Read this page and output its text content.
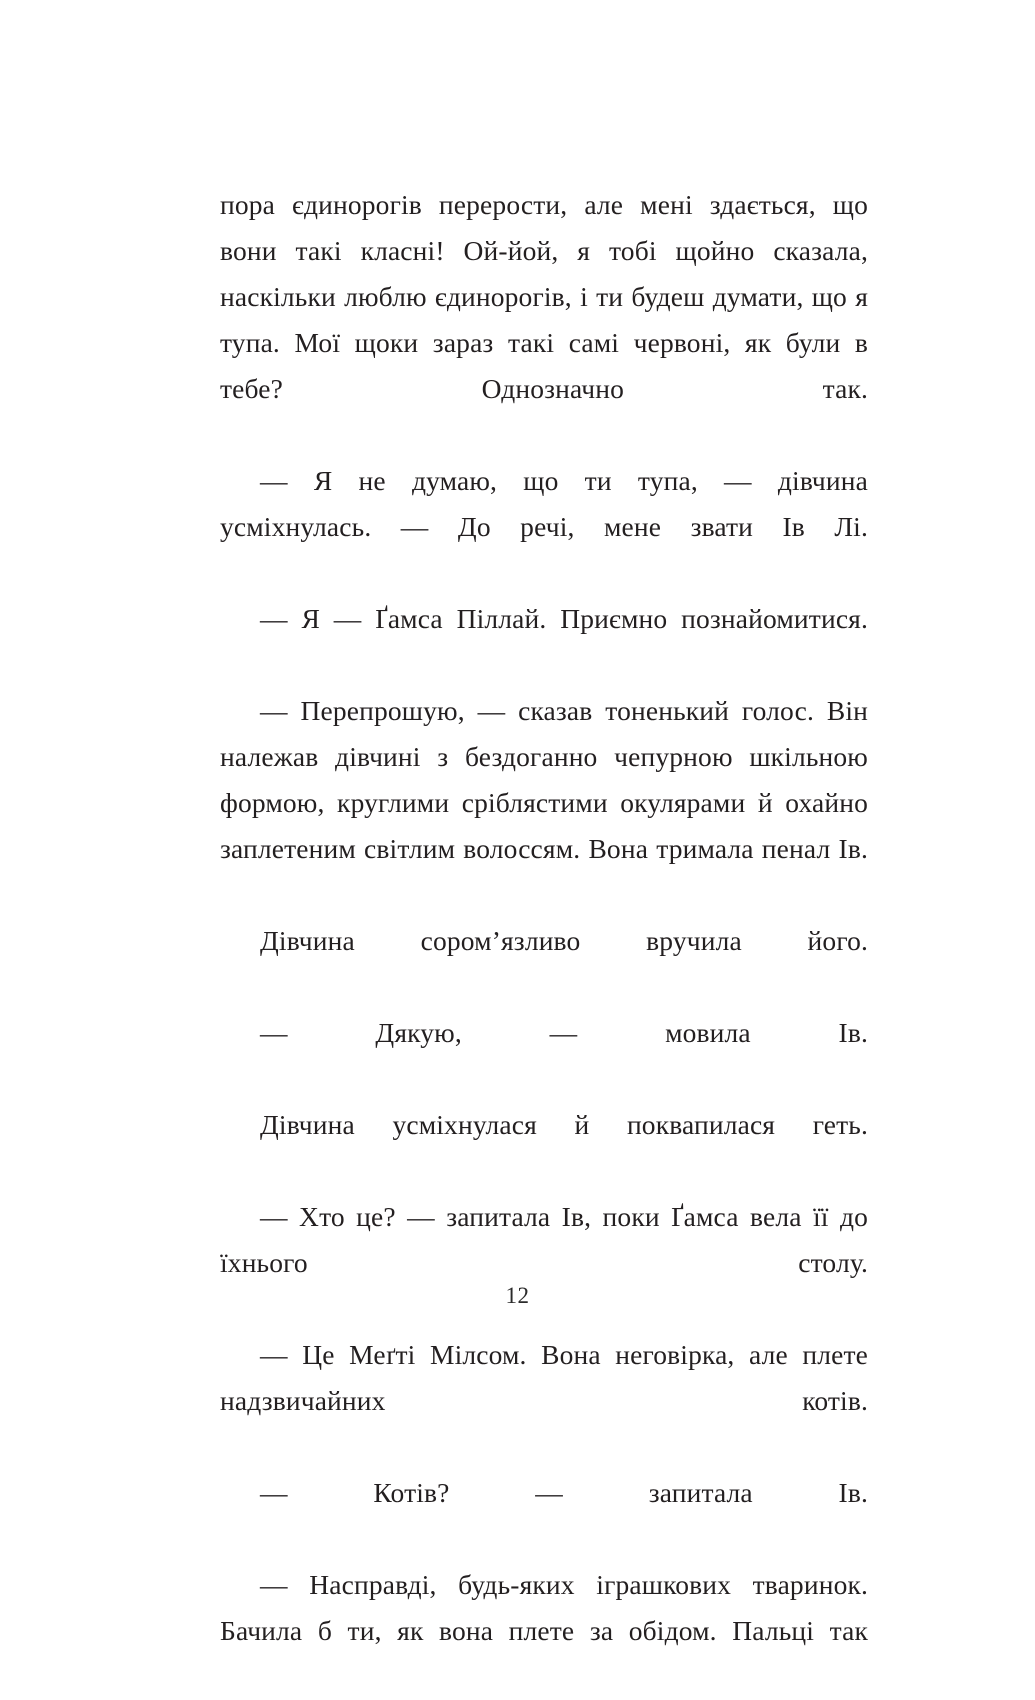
пора єдинорогів перерости, але мені здається, що вони такі класні! Ой-йой, я тобі щойно сказала, наскільки люблю єдинорогів, і ти будеш думати, що я тупа. Мої щоки зараз такі самі червоні, як були в тебе? Однозначно так.

— Я не думаю, що ти тупа, — дівчина усміхнулась. — До речі, мене звати Ів Лі.

— Я — Ґамса Піллай. Приємно познайомитися.

— Перепрошую, — сказав тоненький голос. Він належав дівчині з бездоганно чепурною шкільною формою, круглими сріблястими окулярами й охайно заплетеним світлим волоссям. Вона тримала пенал Ів.

Дівчина сором’язливо вручила його.

— Дякую, — мовила Ів.

Дівчина усміхнулася й поквапилася геть.

— Хто це? — запитала Ів, поки Ґамса вела її до їхнього столу.

— Це Меґті Мілсом. Вона неговірка, але плете надзвичайних котів.

— Котів? — запитала Ів.

— Насправді, будь-яких іграшкових тваринок. Бачила б ти, як вона плете за обідом. Пальці так

12
